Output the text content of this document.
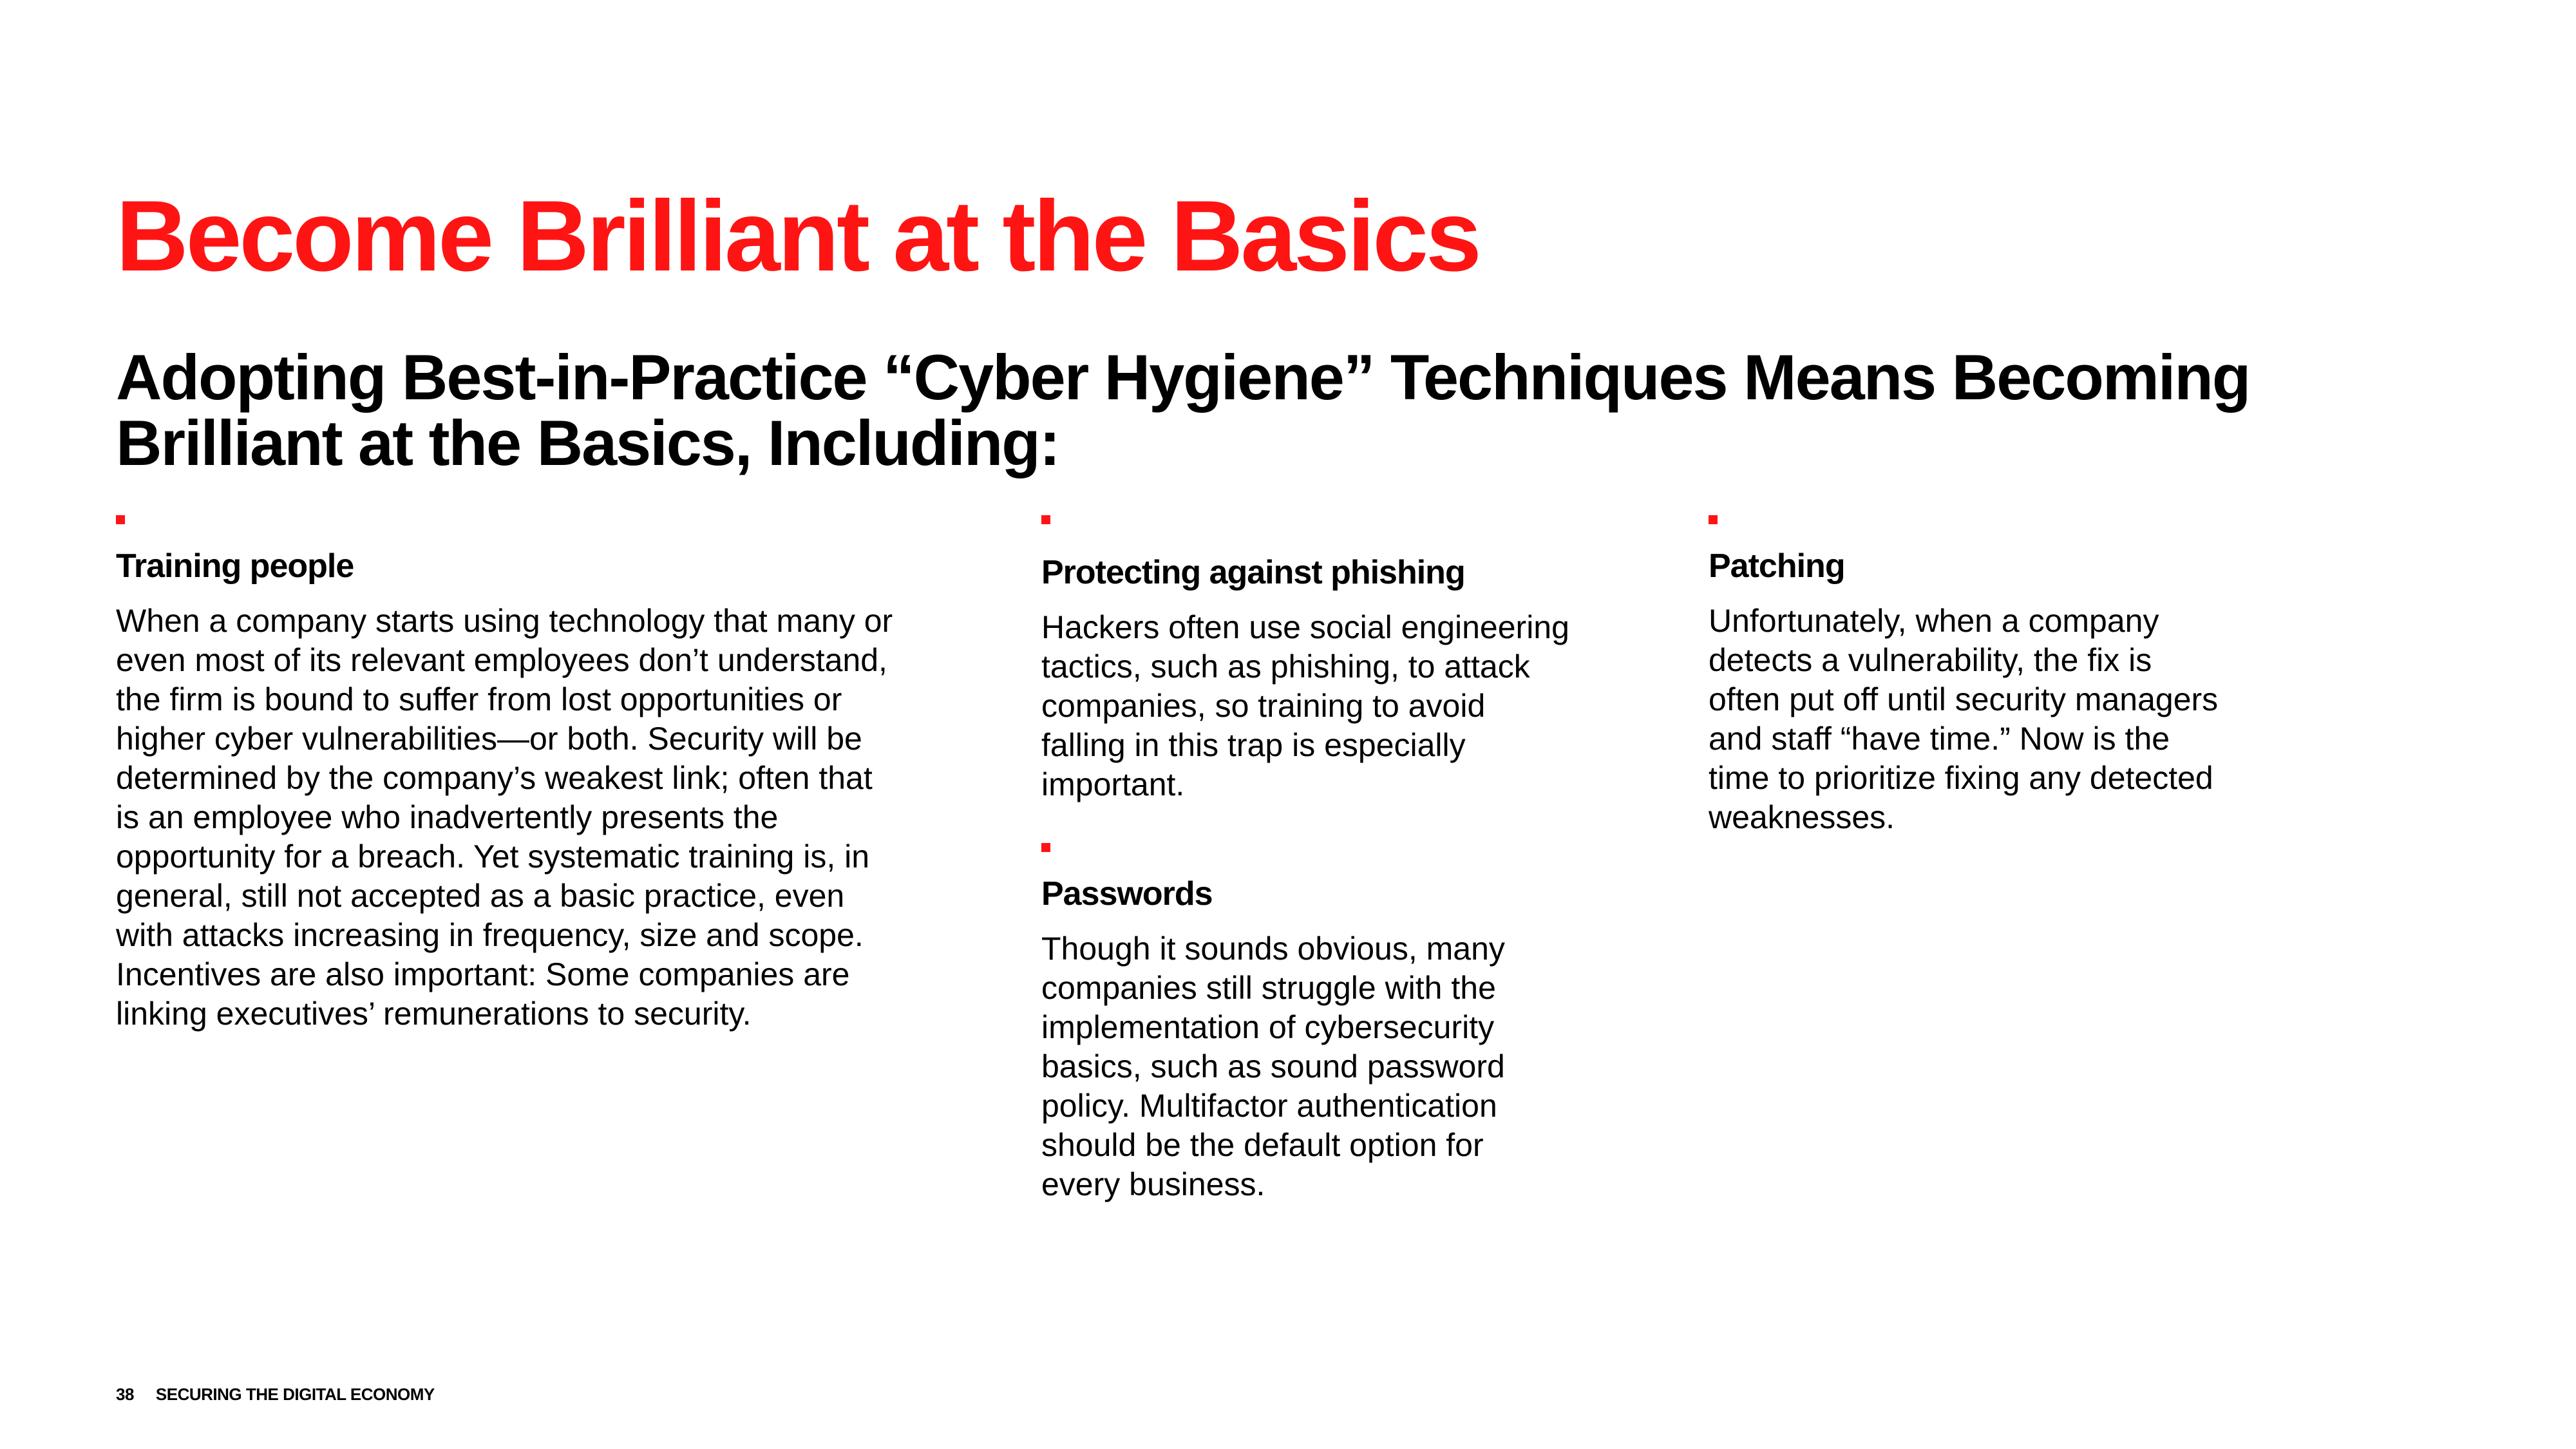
Become Brilliant at the Basics
Adopting Best-in-Practice “Cyber Hygiene” Techniques Means Becoming Brilliant at the Basics, Including:
Training people

When a company starts using technology that many or even most of its relevant employees don’t understand, the firm is bound to suffer from lost opportunities or higher cyber vulnerabilities—or both. Security will be determined by the company’s weakest link; often that is an employee who inadvertently presents the opportunity for a breach. Yet systematic training is, in general, still not accepted as a basic practice, even with attacks increasing in frequency, size and scope. Incentives are also important: Some companies are linking executives’ remunerations to security.

Protecting against phishing

Hackers often use social engineering tactics, such as phishing, to attack companies, so training to avoid falling in this trap is especially important.

Passwords

Though it sounds obvious, many companies still struggle with the implementation of cybersecurity basics, such as sound password policy. Multifactor authentication should be the default option for every business.

Patching

Unfortunately, when a company detects a vulnerability, the fix is often put off until security managers and staff “have time.” Now is the time to prioritize fixing any detected weaknesses.

38 SECURING THE DIGITAL ECONOMY
